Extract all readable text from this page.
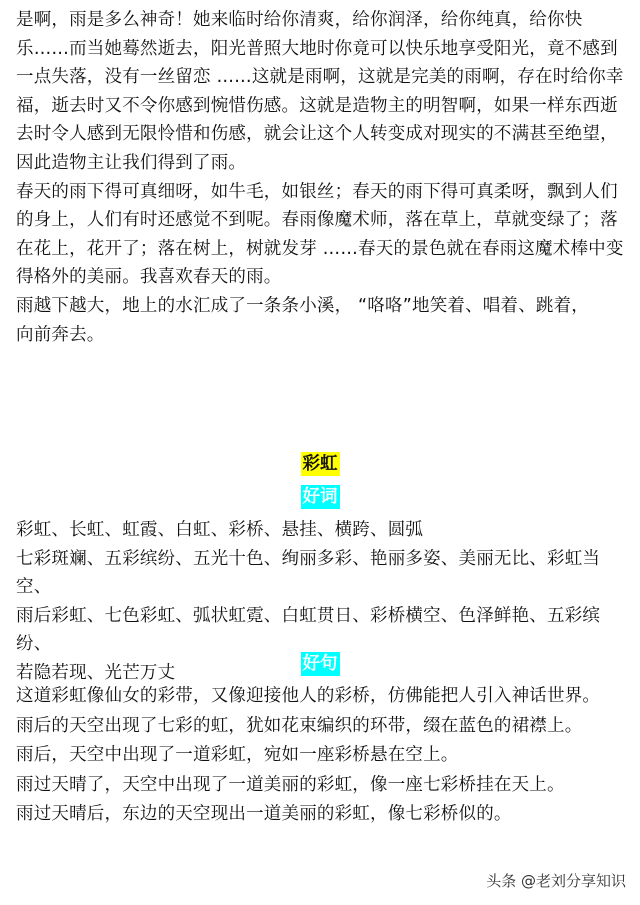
是啊，雨是多么神奇！她来临时给你清爽，给你润泽，给你纯真，给你快

乐……而当她蓦然逝去，阳光普照大地时你竟可以快乐地享受阳光，竟不感到

一点失落，没有一丝留恋 ……这就是雨啊，这就是完美的雨啊，存在时给你幸

福，逝去时又不令你感到惋惜伤感。这就是造物主的明智啊，如果一样东西逝

去时令人感到无限怜惜和伤感，就会让这个人转变成对现实的不满甚至绝望，

因此造物主让我们得到了雨。

春天的雨下得可真细呀，如牛毛，如银丝；春天的雨下得可真柔呀，飘到人们

的身上，人们有时还感觉不到呢。春雨像魔术师，落在草上，草就变绿了；落

在花上，花开了；落在树上，树就发芽 ……春天的景色就在春雨这魔术棒中变

得格外的美丽。我喜欢春天的雨。

雨越下越大，地上的水汇成了一条条小溪， “咯咯”地笑着、唱着、跳着，

向前奔去。

彩虹
好词

彩虹、长虹、虹霞、白虹、彩桥、悬挂、横跨、圆弧

七彩斑斓、五彩缤纷、五光十色、绚丽多彩、艳丽多姿、美丽无比、彩虹当空、

雨后彩虹、七色彩虹、弧状虹霓、白虹贯日、彩桥横空、色泽鲜艳、五彩缤纷、

若隐若现、光芒万丈	好句

这道彩虹像仙女的彩带，又像迎接他人的彩桥，仿佛能把人引入神话世界。

雨后的天空出现了七彩的虹，犹如花束编织的环带，缀在蓝色的裙襟上。

雨后，天空中出现了一道彩虹，宛如一座彩桥悬在空上。

雨过天晴了，天空中出现了一道美丽的彩虹，像一座七彩桥挂在天上。

雨过天晴后，东边的天空现出一道美丽的彩虹，像七彩桥似的。

头条 @老刘分享知识
